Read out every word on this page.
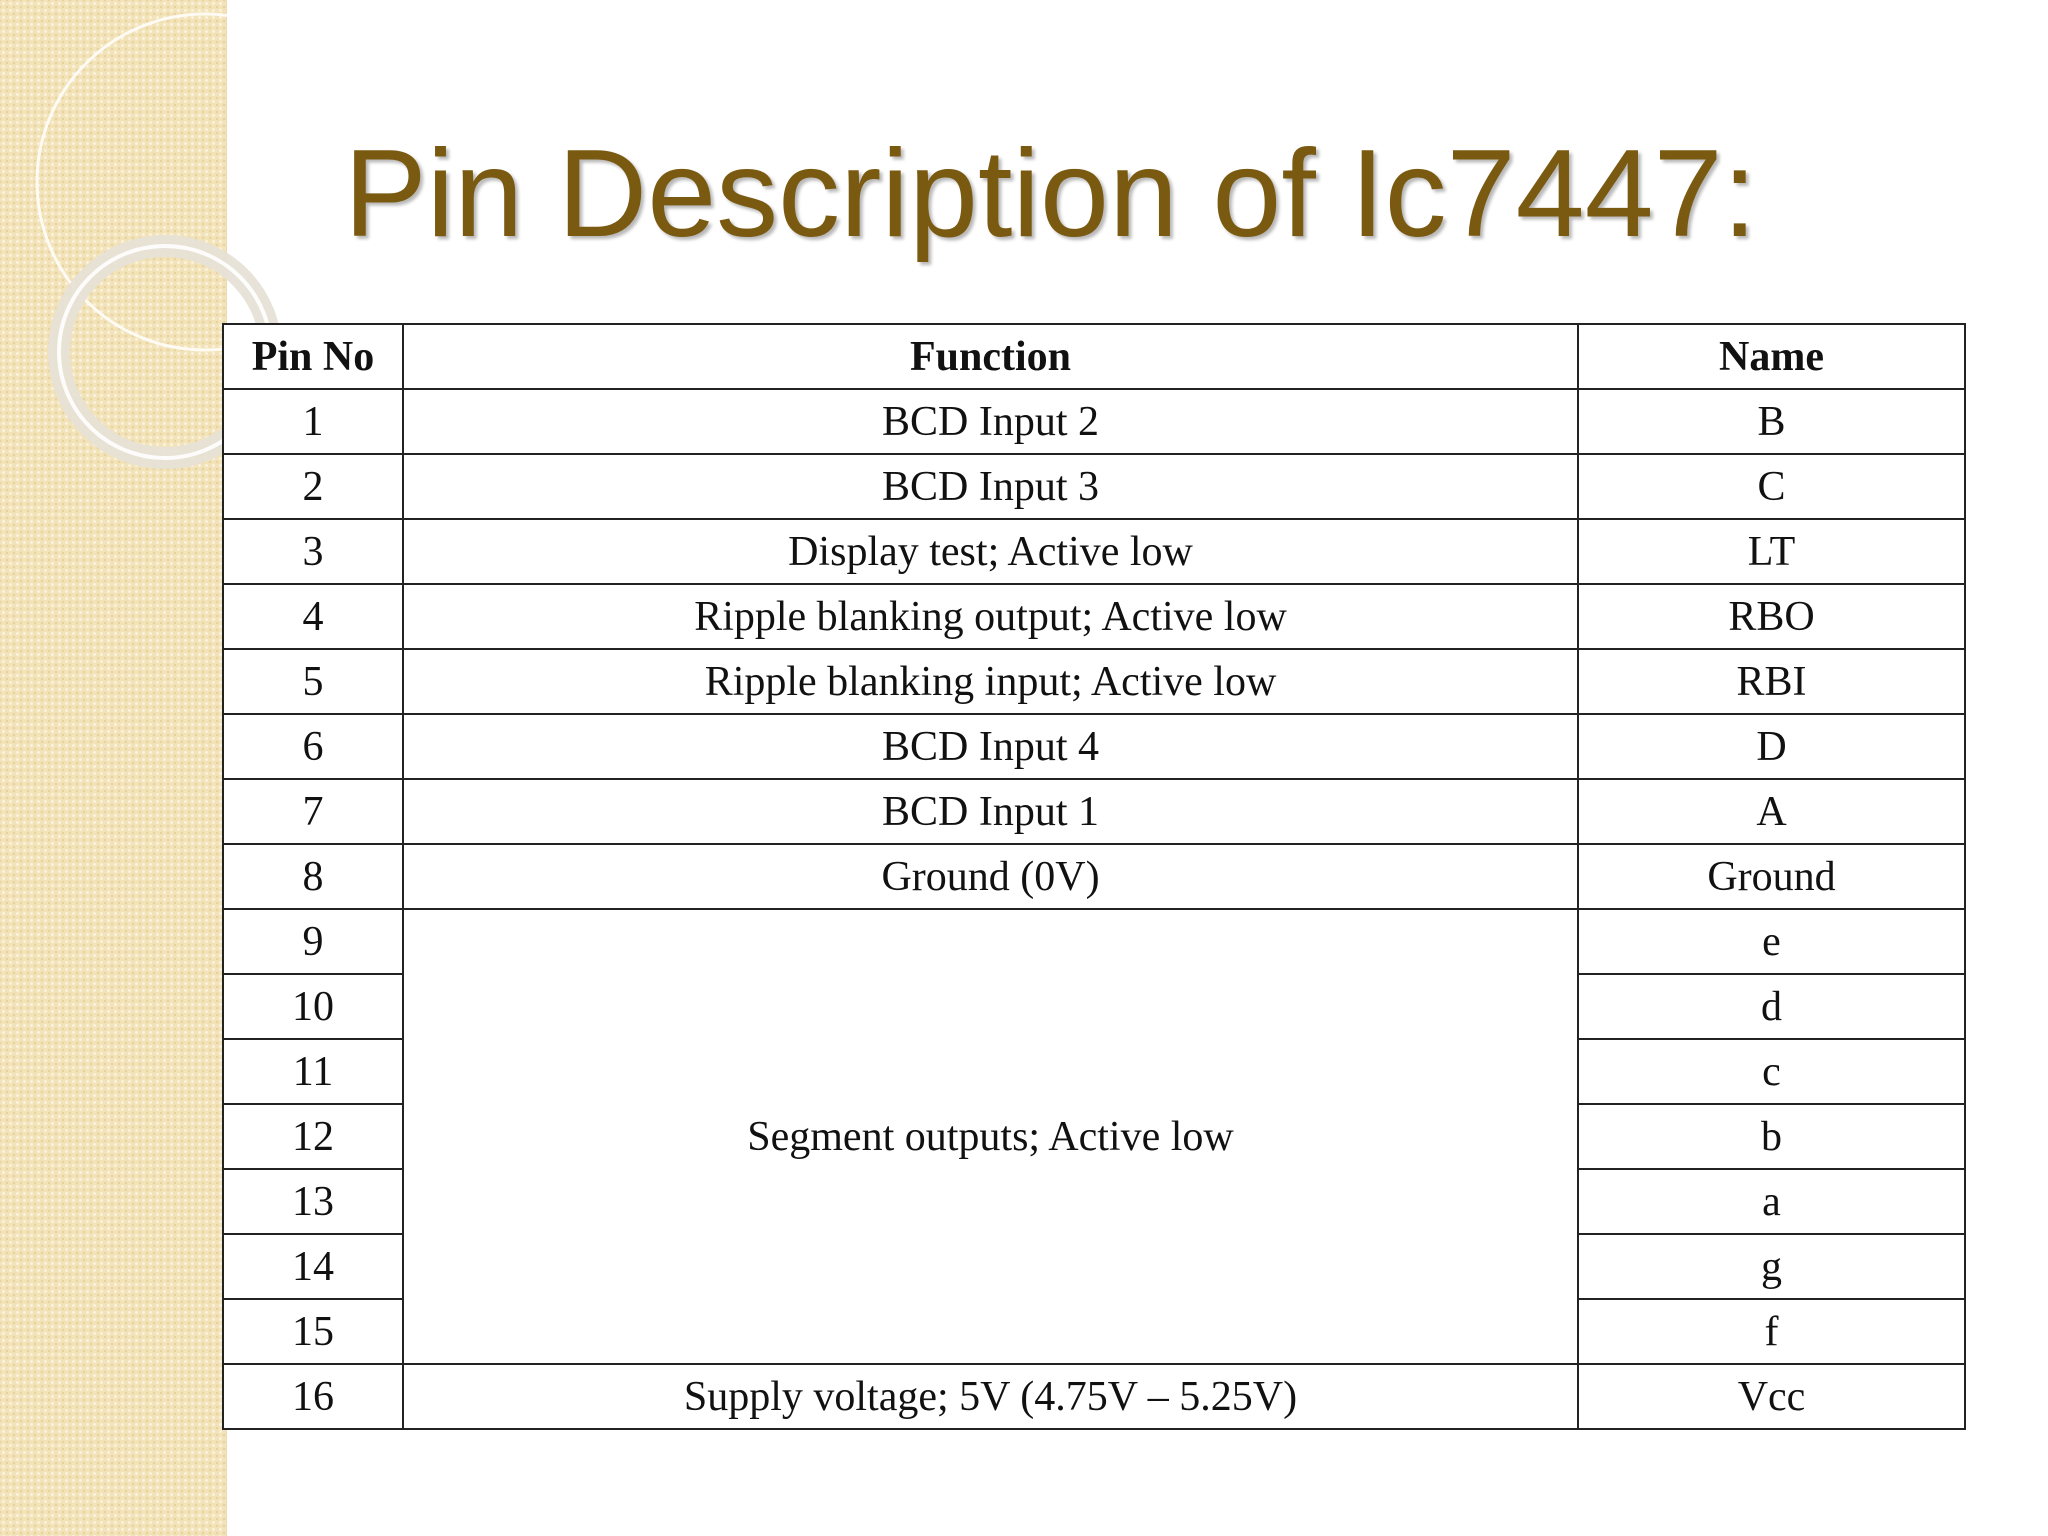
Pin Description of Ic7447:
Pin No	Function	Name
1	BCD Input 2	B
2	BCD Input 3	C
3	Display test; Active low	LT
4	Ripple blanking output; Active low	RBO
5	Ripple blanking input; Active low	RBI
6	BCD Input 4	D
7	BCD Input 1	A
8	Ground (0V)	Ground
9	Segment outputs; Active low	e
10		d
11		c
12		b
13		a
14		g
15		f
16	Supply voltage; 5V (4.75V – 5.25V)	Vcc
